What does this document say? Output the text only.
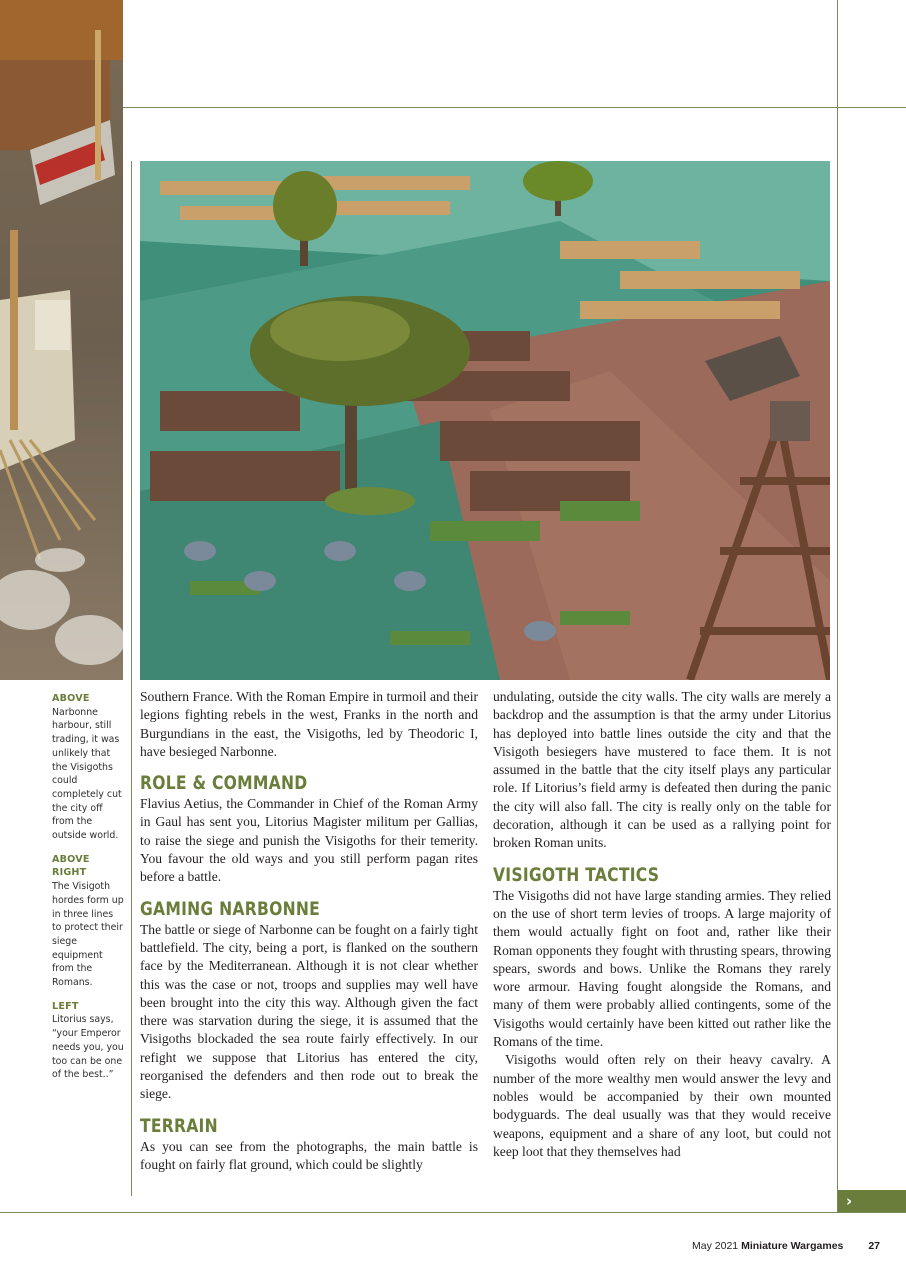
ABOVE
Narbonne harbour, still trading, it was unlikely that the Visigoths could completely cut the city off from the outside world.
ABOVE RIGHT
The Visigoth hordes form up in three lines to protect their siege equipment from the Romans.
LEFT
Litorius says, “your Emperor needs you, you too can be one of the best..”

Southern France. With the Roman Empire in turmoil and their legions fighting rebels in the west, Franks in the north and Burgundians in the east, the Visigoths, led by Theodoric I, have besieged Narbonne.

ROLE & COMMAND

Flavius Aetius, the Commander in Chief of the Roman Army in Gaul has sent you, Litorius Magister militum per Gallias, to raise the siege and punish the Visigoths for their temerity. You favour the old ways and you still perform pagan rites before a battle.

GAMING NARBONNE

The battle or siege of Narbonne can be fought on a fairly tight battlefield. The city, being a port, is flanked on the southern face by the Mediterranean. Although it is not clear whether this was the case or not, troops and supplies may well have been brought into the city this way. Although given the fact there was starvation during the siege, it is assumed that the Visigoths blockaded the sea route fairly effectively. In our refight we suppose that Litorius has entered the city, reorganised the defenders and then rode out to break the siege.

TERRAIN

As you can see from the photographs, the main battle is fought on fairly flat ground, which could be slightly

undulating, outside the city walls. The city walls are merely a backdrop and the assumption is that the army under Litorius has deployed into battle lines outside the city and that the Visigoth besiegers have mustered to face them. It is not assumed in the battle that the city itself plays any particular role. If Litorius’s field army is defeated then during the panic the city will also fall. The city is really only on the table for decoration, although it can be used as a rallying point for broken Roman units.

VISIGOTH TACTICS

The Visigoths did not have large standing armies. They relied on the use of short term levies of troops. A large majority of them would actually fight on foot and, rather like their Roman opponents they fought with thrusting spears, throwing spears, swords and bows. Unlike the Romans they rarely wore armour. Having fought alongside the Romans, and many of them were probably allied contingents, some of the Visigoths would certainly have been kitted out rather like the Romans of the time.

Visigoths would often rely on their heavy cavalry. A number of the more wealthy men would answer the levy and nobles would be accompanied by their own mounted bodyguards. The deal usually was that they would receive weapons, equipment and a share of any loot, but could not keep loot that they themselves had

›
May 2021 Miniature Wargames 27
